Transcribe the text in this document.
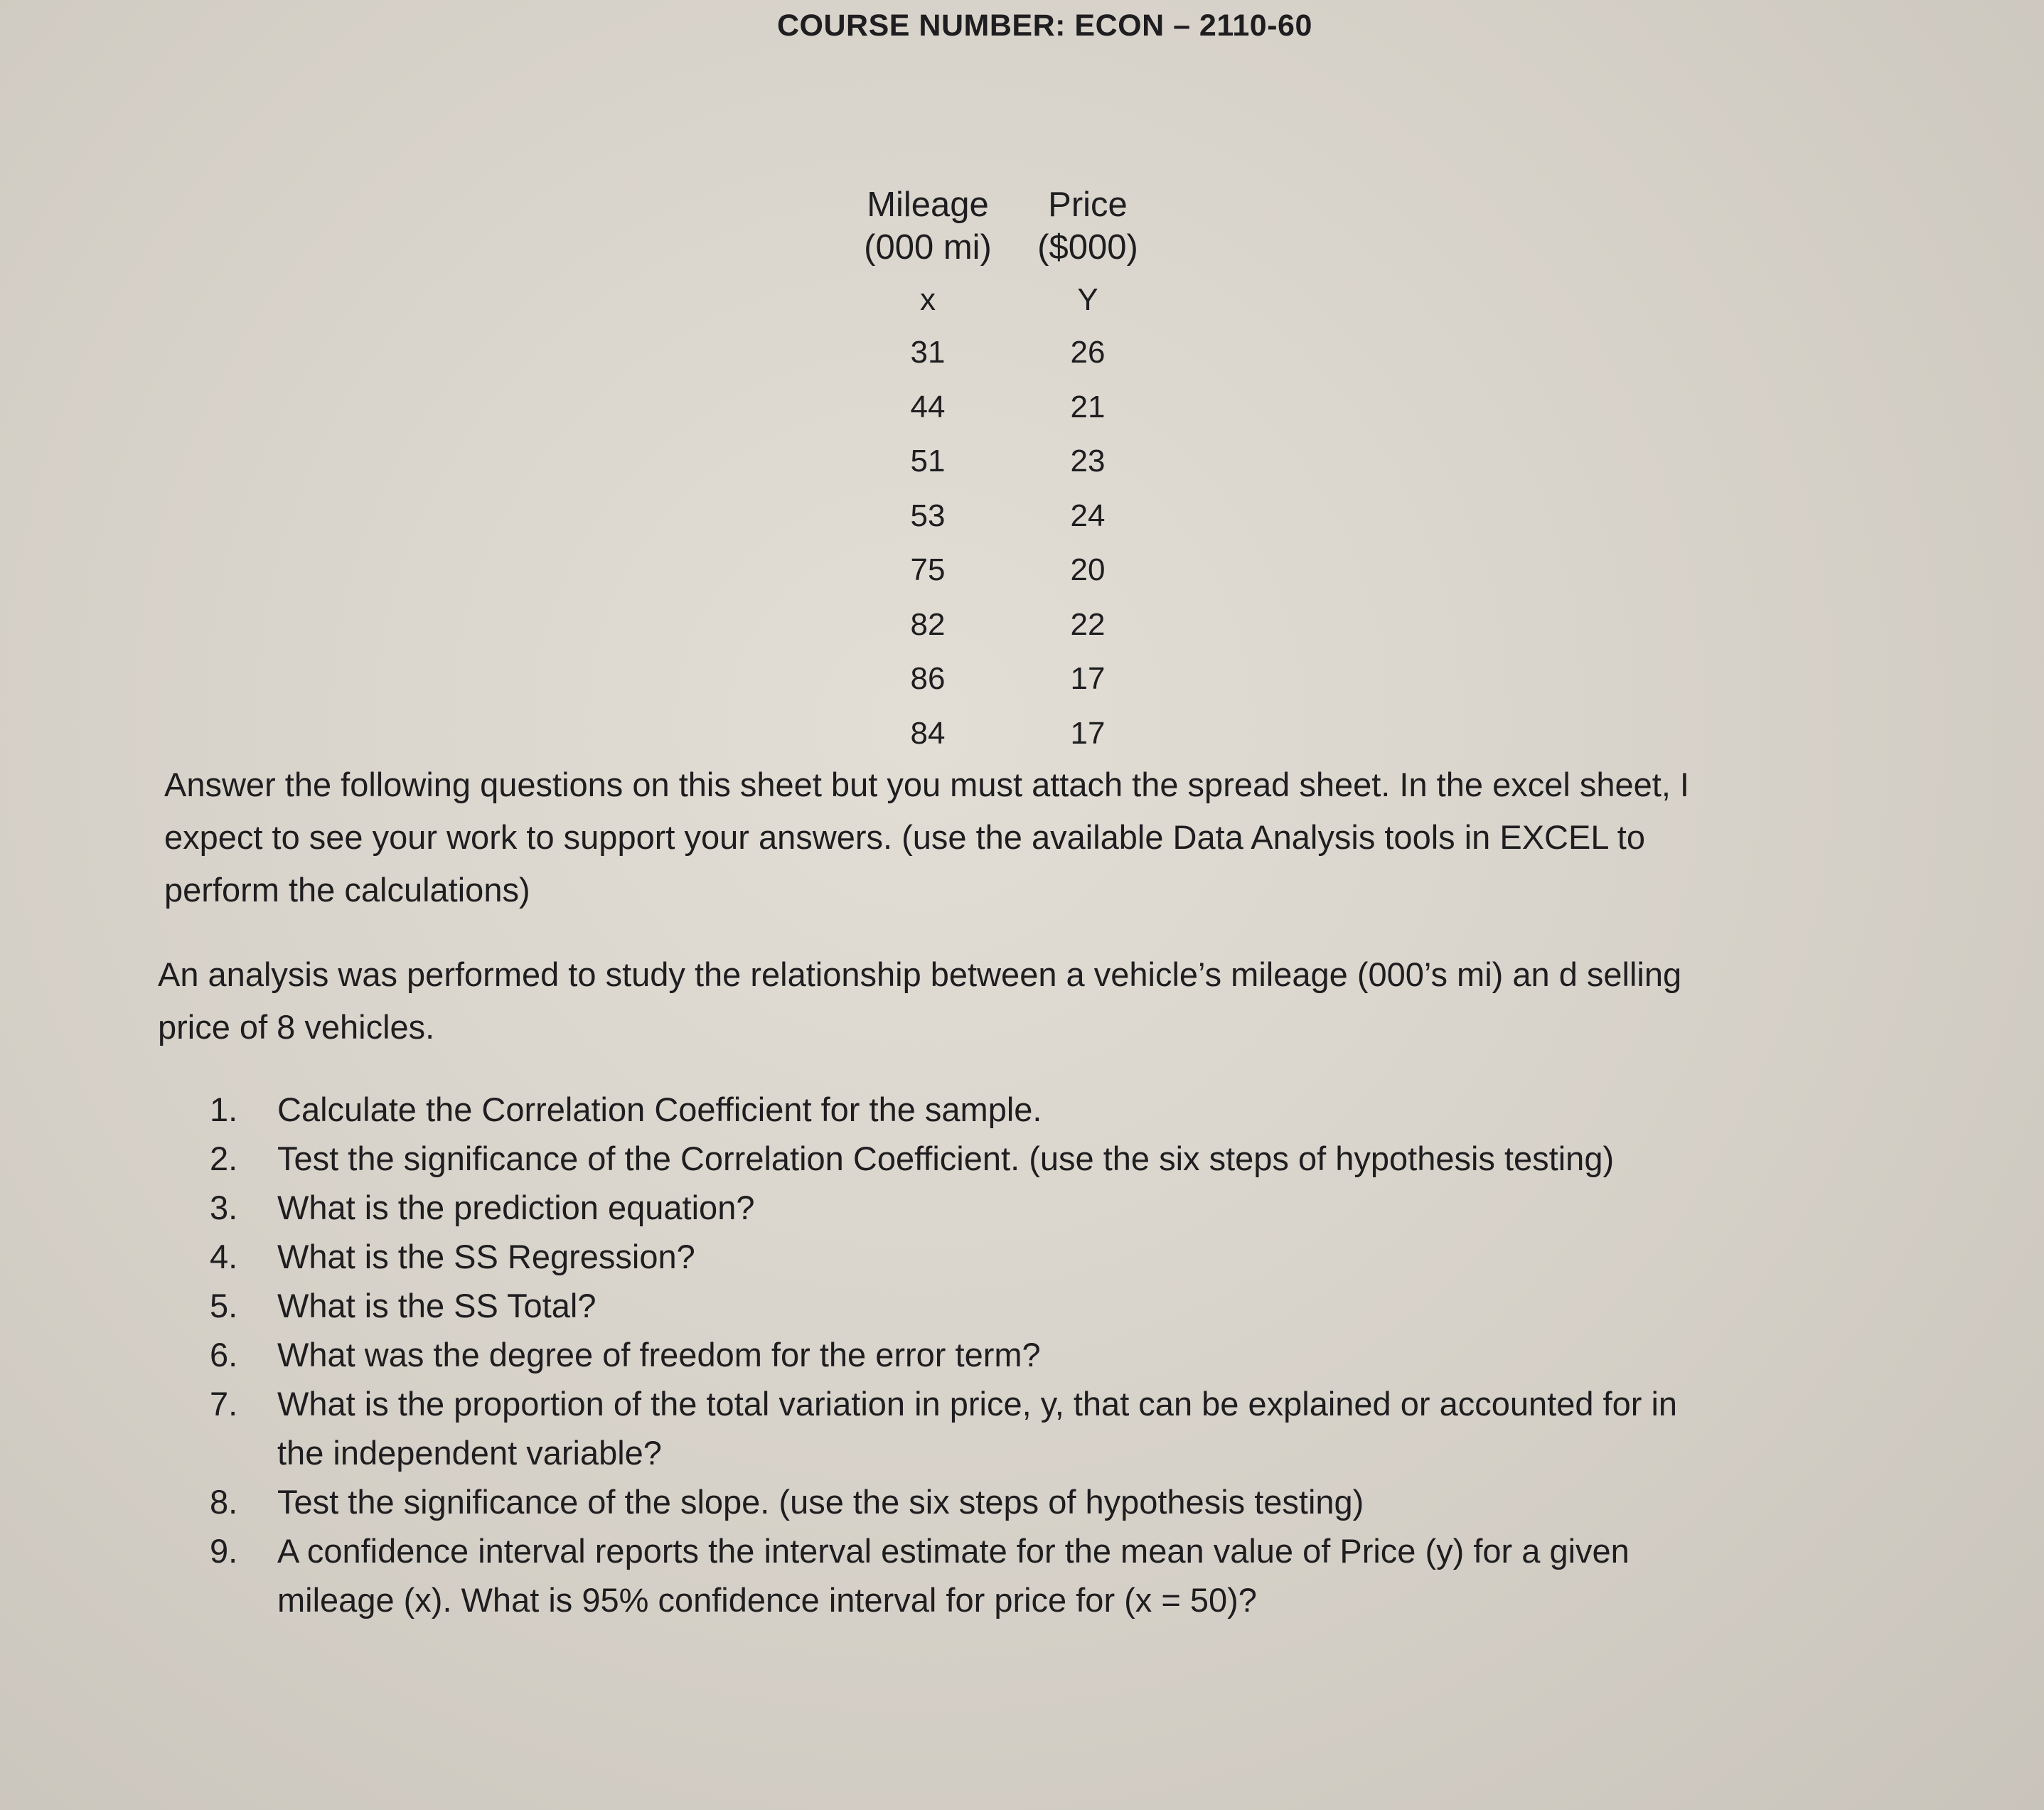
COURSE NUMBER: ECON – 2110-60
Mileage	Price
(000 mi)	($000)
x	Y
31	26
44	21
51	23
53	24
75	20
82	22
86	17
84	17
Answer the following questions on this sheet but you must attach the spread sheet. In the excel sheet, I
expect to see your work to support your answers. (use the available Data Analysis tools in EXCEL to
perform the calculations)
An analysis was performed to study the relationship between a vehicle’s mileage (000’s mi) an d selling
price of 8 vehicles.
1.	Calculate the Correlation Coefficient for the sample.
2.	Test the significance of the Correlation Coefficient. (use the six steps of hypothesis testing)
3.	What is the prediction equation?
4.	What is the SS Regression?
5.	What is the SS Total?
6.	What was the degree of freedom for the error term?
7.	What is the proportion of the total variation in price, y, that can be explained or accounted for in
the independent variable?
8.	Test the significance of the slope. (use the six steps of hypothesis testing)
9.	A confidence interval reports the interval estimate for the mean value of Price (y) for a given
mileage (x). What is 95% confidence interval for price for (x = 50)?
